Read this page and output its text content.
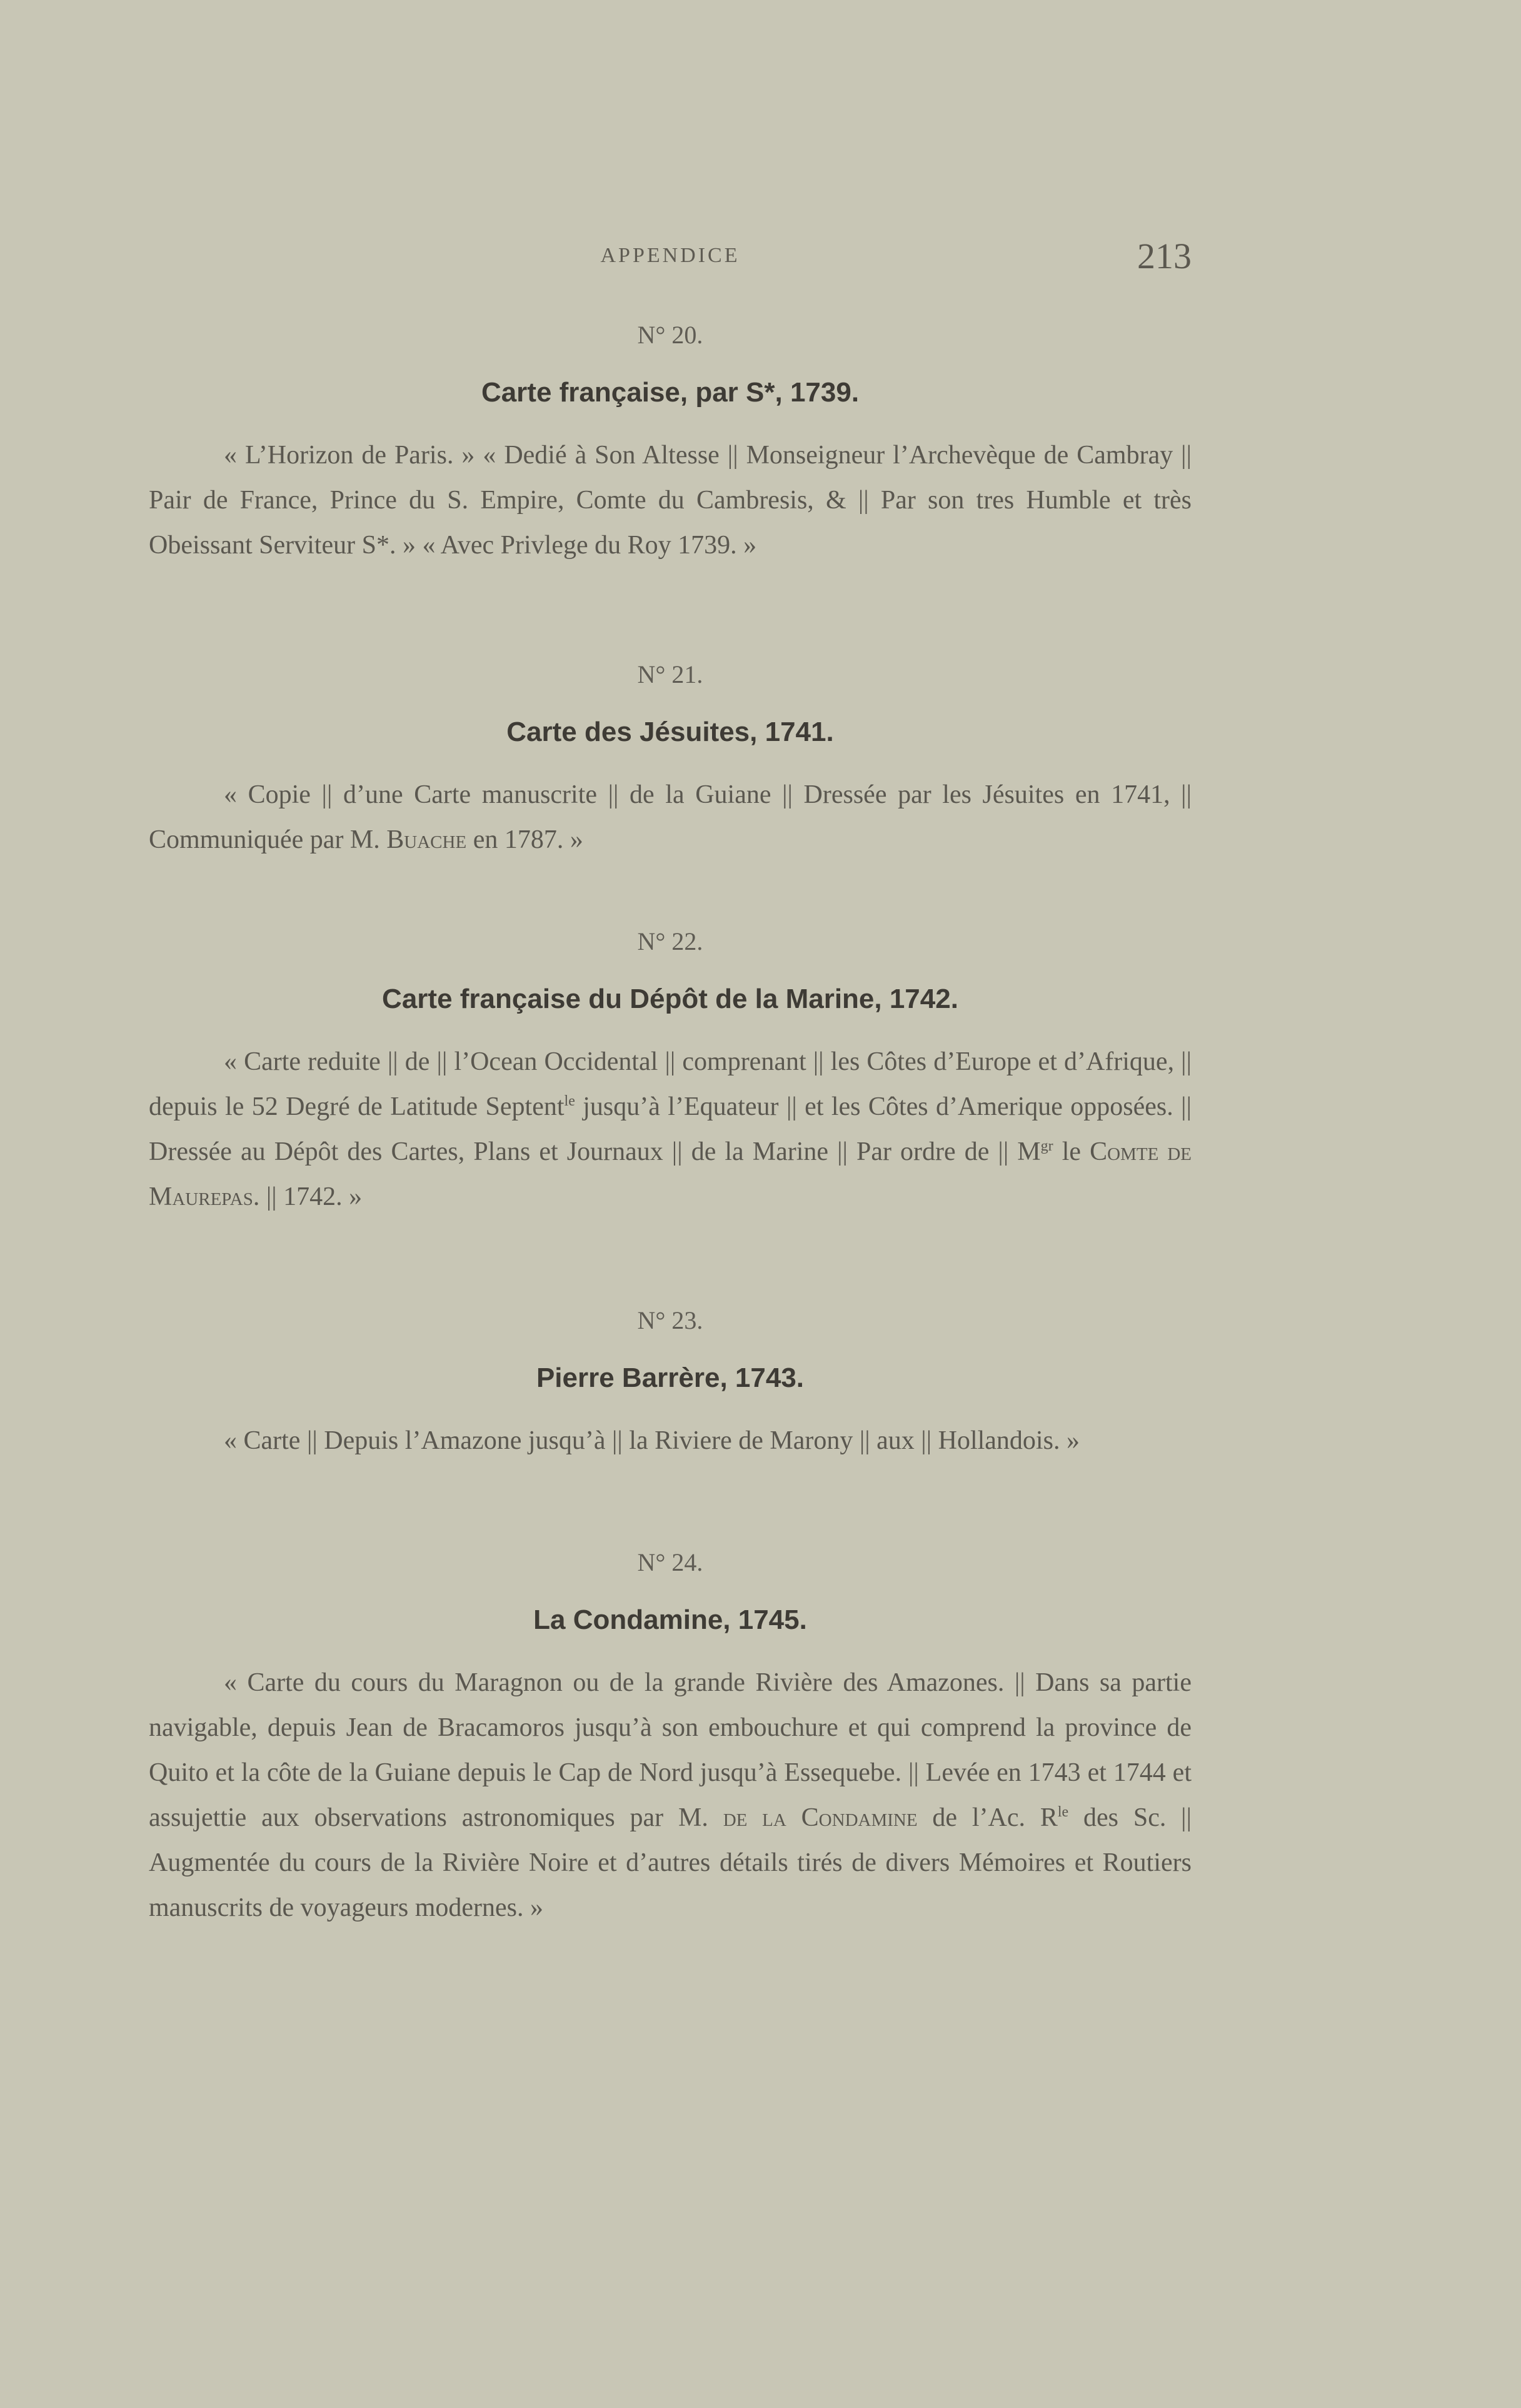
APPENDICE	213
N° 20.
Carte française, par S*, 1739.
« L’Horizon de Paris. » « Dedié à Son Altesse || Monseigneur l’Archevèque de Cambray || Pair de France, Prince du S. Empire, Comte du Cambresis, & || Par son tres Humble et très Obeissant Serviteur S*. » « Avec Privlege du Roy 1739. »
N° 21.
Carte des Jésuites, 1741.
« Copie || d’une Carte manuscrite || de la Guiane || Dressée par les Jésuites en 1741, || Communiquée par M. Buache en 1787. »
N° 22.
Carte française du Dépôt de la Marine, 1742.
« Carte reduite || de || l’Ocean Occidental || comprenant || les Côtes d’Europe et d’Afrique, || depuis le 52 Degré de Latitude Septent$^{le}$ jusqu’à l’Equateur || et les Côtes d’Amerique opposées. || Dressée au Dépôt des Cartes, Plans et Journaux || de la Marine || Par ordre de || $M^{gr}$ le Comte de Maurepas. || 1742. »
N° 23.
Pierre Barrère, 1743.
« Carte || Depuis l’Amazone jusqu’à || la Riviere de Marony || aux || Hollandois. »
N° 24.
La Condamine, 1745.
« Carte du cours du Maragnon ou de la grande Rivière des Amazones. || Dans sa partie navigable, depuis Jean de Bracamoros jusqu’à son embouchure et qui comprend la province de Quito et la côte de la Guiane depuis le Cap de Nord jusqu’à Essequebe. || Levée en 1743 et 1744 et assujettie aux observations astronomiques par M. de la Condamine de l’Ac. $R^{le}$ des Sc. || Augmentée du cours de la Rivière Noire et d’autres détails tirés de divers Mémoires et Routiers manuscrits de voyageurs modernes. »
